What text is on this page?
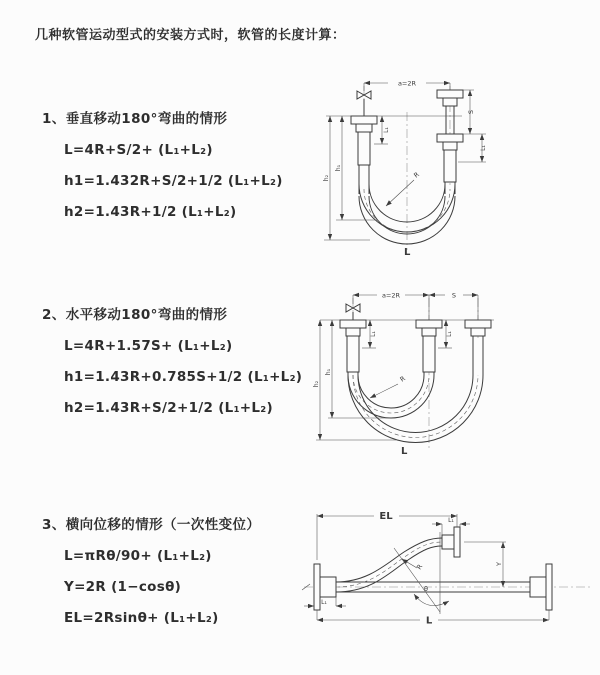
几种软管运动型式的安装方式时，软管的长度计算：
1、垂直移动180°弯曲的情形
L=4R+S/2+ (L₁+L₂)
h1=1.432R+S/2+1/2 (L₁+L₂)
h2=1.43R+1/2 (L₁+L₂)
2、水平移动180°弯曲的情形
L=4R+1.57S+ (L₁+L₂)
h1=1.43R+0.785S+1/2 (L₁+L₂)
h2=1.43R+S/2+1/2 (L₁+L₂)
3、横向位移的情形（一次性变位）
L=πRθ/90+ (L₁+L₂)
Y=2R (1−cosθ)
EL=2Rsinθ+ (L₁+L₂)
a=2R
L₁
h₁
h₂
S
L₁
R
L
a=2R	S
L₁	L₁
h₁
h₂
R
L
EL	L₁
Y
R
θ
L
L₁
